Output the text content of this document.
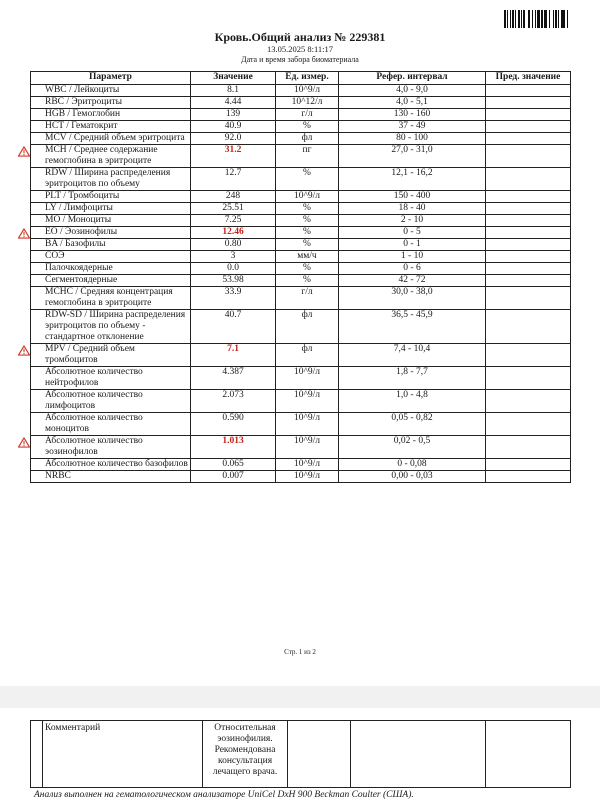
Кровь.Общий анализ № 229381
13.05.2025 8:11:17
Дата и время забора биоматериала
Параметр	Значение	Ед. измер.	Рефер. интервал	Пред. значение
WBC / Лейкоциты	8.1	10^9/л	4,0 - 9,0	
RBC / Эритроциты	4.44	10^12/л	4,0 - 5,1	
HGB / Гемоглобин	139	г/л	130 - 160	
HCT / Гематокрит	40.9	%	37 - 49	
MCV / Средний объем эритроцита	92.0	фл	80 - 100	

MCH / Среднее содержание гемоглобина в эритроците	31.2	пг	27,0 - 31,0	
RDW / Ширина распределения эритроцитов по объему	12.7	%	12,1 - 16,2	
PLT / Тромбоциты	248	10^9/л	150 - 400	
LY / Лимфоциты	25.51	%	18 - 40	
MO / Моноциты	7.25	%	2 - 10	

EO / Эозинофилы	12.46	%	0 - 5	
BA / Базофилы	0.80	%	0 - 1	
СОЭ	3	мм/ч	1 - 10	
Палочкоядерные	0.0	%	0 - 6	
Сегментоядерные	53.98	%	42 - 72	
MCHC / Средняя концентрация гемоглобина в эритроците	33.9	г/л	30,0 - 38,0	
RDW-SD / Ширина распределения эритроцитов по объему - стандартное отклонение	40.7	фл	36,5 - 45,9	

MPV / Средний объем тромбоцитов	7.1	фл	7,4 - 10,4	
Абсолютное количество нейтрофилов	4.387	10^9/л	1,8 - 7,7	
Абсолютное количество лимфоцитов	2.073	10^9/л	1,0 - 4,8	
Абсолютное количество моноцитов	0.590	10^9/л	0,05 - 0,82	

Абсолютное количество эозинофилов	1.013	10^9/л	0,02 - 0,5	
Абсолютное количество базофилов	0.065	10^9/л	0 - 0,08	
NRBC	0.007	10^9/л	0,00 - 0,03	
Стр. 1 из 2
	Комментарий	Относительная эозинофилия. Рекомендована консультация лечащего врача.			
Анализ выполнен на гематологическом анализаторе UniCel DxH 900 Beckman Coulter (США).
